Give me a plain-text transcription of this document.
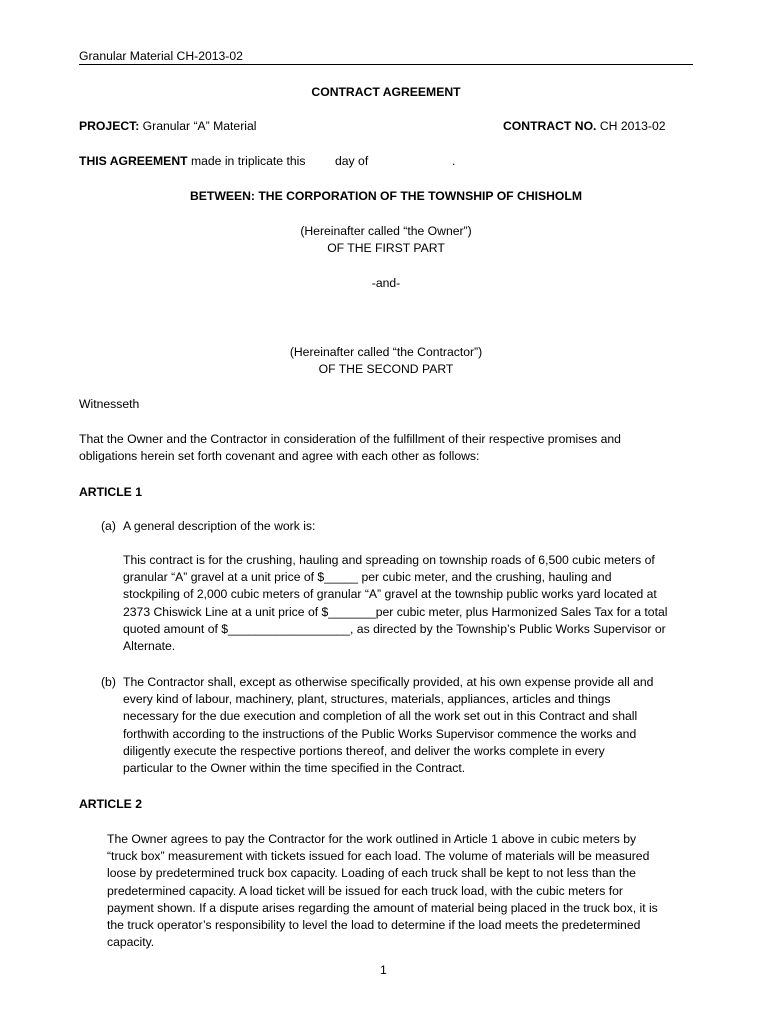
Granular Material CH-2013-02
CONTRACT AGREEMENT
PROJECT: Granular “A” Material	CONTRACT NO. CH 2013-02
THIS AGREEMENT made in triplicate this day of	.
BETWEEN: THE CORPORATION OF THE TOWNSHIP OF CHISHOLM
(Hereinafter called “the Owner”)
OF THE FIRST PART
-and-
(Hereinafter called “the Contractor”)
OF THE SECOND PART
Witnesseth
That the Owner and the Contractor in consideration of the fulfillment of their respective promises and
obligations herein set forth covenant and agree with each other as follows:
ARTICLE 1
(a) A general description of the work is:
This contract is for the crushing, hauling and spreading on township roads of 6,500 cubic meters of
granular “A” gravel at a unit price of $_____ per cubic meter, and the crushing, hauling and
stockpiling of 2,000 cubic meters of granular “A” gravel at the township public works yard located at
2373 Chiswick Line at a unit price of $_______per cubic meter, plus Harmonized Sales Tax for a total
quoted amount of $__________________, as directed by the Township’s Public Works Supervisor or
Alternate.
(b) The Contractor shall, except as otherwise specifically provided, at his own expense provide all and
every kind of labour, machinery, plant, structures, materials, appliances, articles and things
necessary for the due execution and completion of all the work set out in this Contract and shall
forthwith according to the instructions of the Public Works Supervisor commence the works and
diligently execute the respective portions thereof, and deliver the works complete in every
particular to the Owner within the time specified in the Contract.
ARTICLE 2
The Owner agrees to pay the Contractor for the work outlined in Article 1 above in cubic meters by
“truck box” measurement with tickets issued for each load. The volume of materials will be measured
loose by predetermined truck box capacity. Loading of each truck shall be kept to not less than the
predetermined capacity. A load ticket will be issued for each truck load, with the cubic meters for
payment shown. If a dispute arises regarding the amount of material being placed in the truck box, it is
the truck operator’s responsibility to level the load to determine if the load meets the predetermined
capacity.
1
